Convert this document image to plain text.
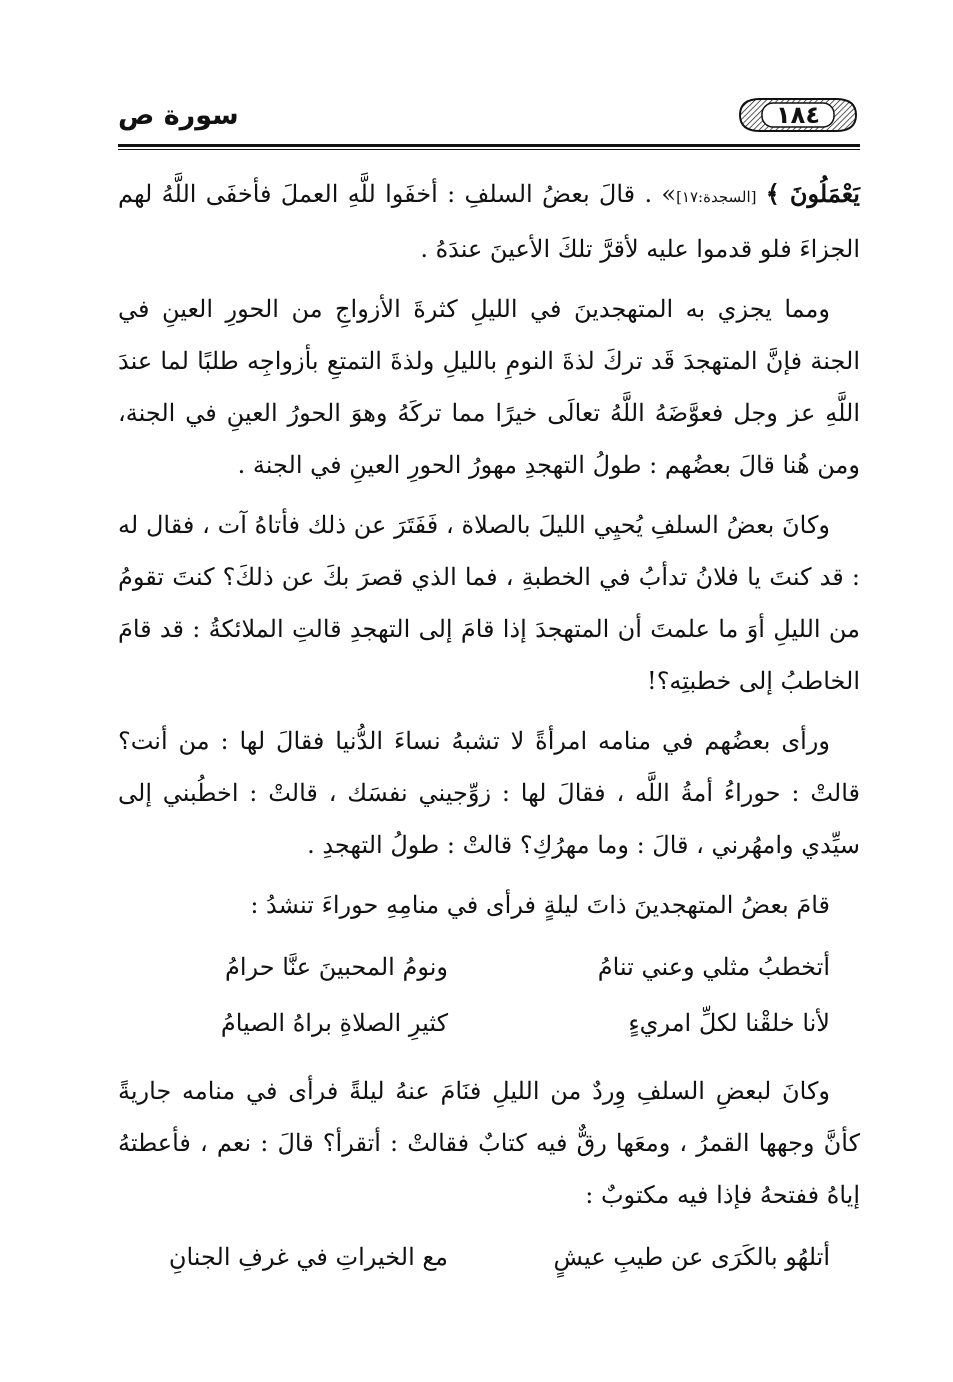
سورة ص	١٨٤

يَعْمَلُونَ ﴾ [السجدة:١٧]» . قالَ بعضُ السلفِ : أخفَوا للَّهِ العملَ فأخفَى اللَّهُ لهم الجزاءَ فلو قدموا عليه لأقرَّ تلكَ الأعينَ عندَهُ .

ومما يجزي به المتهجدينَ في الليلِ كثرةَ الأزواجِ من الحورِ العينِ في الجنة فإنَّ المتهجدَ قَد تركَ لذةَ النومِ بالليلِ ولذةَ التمتعِ بأزواجِه طلبًا لما عندَ اللَّهِ عز وجل فعوَّضَهُ اللَّهُ تعالَى خيرًا مما تركَهُ وهوَ الحورُ العينِ في الجنة، ومن هُنا قالَ بعضُهم : طولُ التهجدِ مهورُ الحورِ العينِ في الجنة .

وكانَ بعضُ السلفِ يُحيِي الليلَ بالصلاة ، فَفَتَرَ عن ذلك فأتاهُ آت ، فقال له : قد كنتَ يا فلانُ تدأبُ في الخطبةِ ، فما الذي قصرَ بكَ عن ذلكَ؟ كنتَ تقومُ من الليلِ أوَ ما علمتَ أن المتهجدَ إذا قامَ إلى التهجدِ قالتِ الملائكةُ : قد قامَ الخاطبُ إلى خطبتِه؟!

ورأى بعضُهم في منامه امرأةً لا تشبهُ نساءَ الدُّنيا فقالَ لها : من أنت؟ قالتْ : حوراءُ أمةُ اللَّه ، فقالَ لها : زوِّجيني نفسَك ، قالتْ : اخطُبني إلى سيِّدي وامهُرني ، قالَ : وما مهرُكِ؟ قالتْ : طولُ التهجدِ .

قامَ بعضُ المتهجدينَ ذاتَ ليلةٍ فرأى في منامِهِ حوراءَ تنشدُ :

أتخطبُ مثلي وعني تنامُ
ونومُ المحبينَ عنَّا حرامُ
لأنا خلقْنا لكلِّ امريءٍ
كثيرِ الصلاةِ براهُ الصيامُ

وكانَ لبعضِ السلفِ وِردٌ من الليلِ فنَامَ عنهُ ليلةً فرأى في منامه جاريةً كأنَّ وجهها القمرُ ، ومعَها رقٌّ فيه كتابٌ فقالتْ : أتقرأ؟ قالَ : نعم ، فأعطتهُ إياهُ ففتحهُ فإذا فيه مكتوبٌ :

أتلهُو بالكَرَى عن طيبِ عيشٍ
مع الخيراتِ في غرفِ الجنانِ
